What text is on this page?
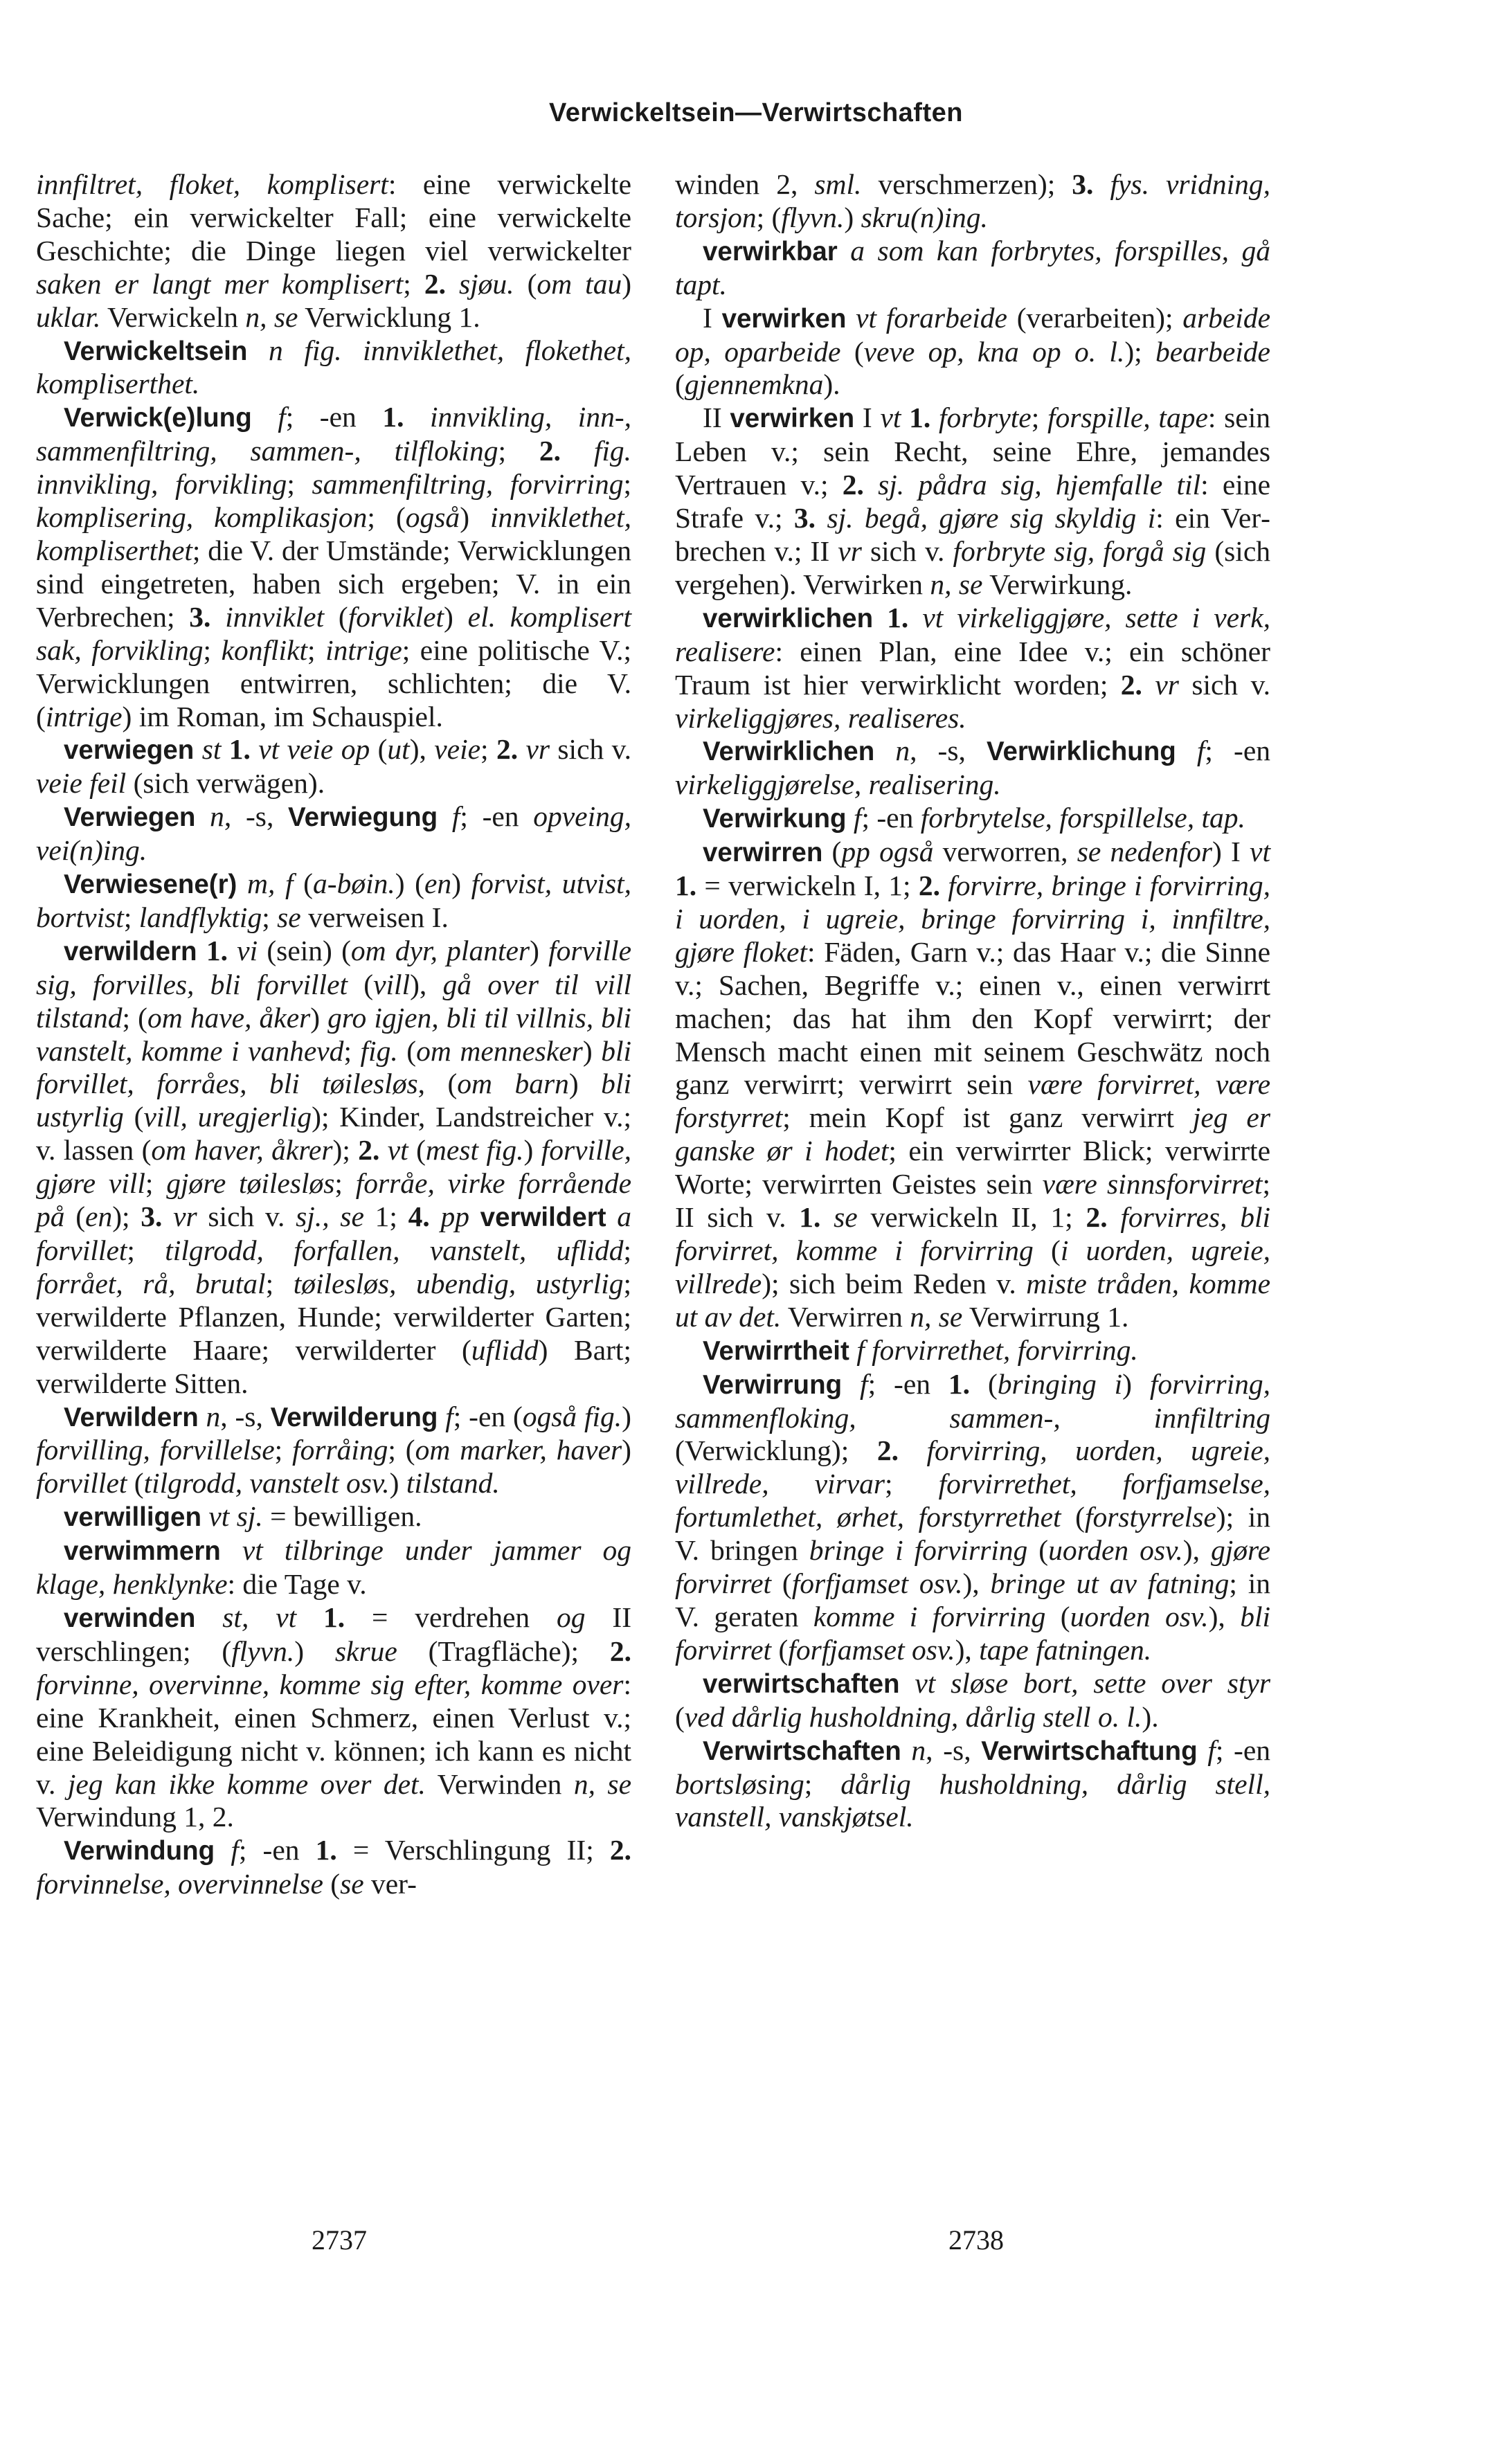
Verwickeltsein—Verwirtschaften

innfiltret, floket, komplisert: eine verwickelte Sache; ein verwickelter Fall; eine verwickelte Geschichte; die Dinge liegen viel verwickelter saken er langt mer komplisert; 2. sjøu. (om tau) uklar. Verwickeln n, se Verwicklung 1.

Verwickeltsein n fig. innviklethet, flokethet, kompliserthet.

Verwick(e)lung f; -en 1. innvikling, inn-, sammenfiltring, sammen-, tilfloking; 2. fig. innvikling, forvikling; sammenfiltring, forvirring; komplisering, komplikasjon; (også) innviklethet, kompliserthet; die V. der Umstände; Verwicklungen sind eingetreten, haben sich ergeben; V. in ein Verbrechen; 3. innviklet (forviklet) el. komplisert sak, forvikling; konflikt; intrige; eine politische V.; Verwicklungen entwirren, schlichten; die V. (intrige) im Roman, im Schauspiel.

verwiegen st 1. vt veie op (ut), veie; 2. vr sich v. veie feil (sich verwägen).

Verwiegen n, -s, Verwiegung f; -en opveing, vei(n)ing.

Verwiesene(r) m, f (a-bøin.) (en) forvist, utvist, bortvist; landflyktig; se verweisen I.

verwildern 1. vi (sein) (om dyr, planter) forville sig, forvilles, bli forvillet (vill), gå over til vill tilstand; (om have, åker) gro igjen, bli til villnis, bli vanstelt, komme i vanhevd; fig. (om mennesker) bli forvillet, forråes, bli tøilesløs, (om barn) bli ustyrlig (vill, uregjerlig); Kinder, Landstreicher v.; v. lassen (om haver, åkrer); 2. vt (mest fig.) forville, gjøre vill; gjøre tøilesløs; forråe, virke forrående på (en); 3. vr sich v. sj., se 1; 4. pp verwildert a forvillet; tilgrodd, forfallen, vanstelt, uflidd; forrået, rå, brutal; tøilesløs, ubendig, ustyrlig; verwilderte Pflanzen, Hunde; verwilderter Garten; verwilderte Haare; verwilderter (uflidd) Bart; verwilderte Sitten.

Verwildern n, -s, Verwilderung f; -en (også fig.) forvilling, forvillelse; forråing; (om marker, haver) forvillet (tilgrodd, vanstelt osv.) tilstand.

verwilligen vt sj. = bewilligen.

verwimmern vt tilbringe under jammer og klage, henklynke: die Tage v.

verwinden st, vt 1. = verdrehen og II verschlingen; (flyvn.) skrue (Tragfläche); 2. forvinne, overvinne, komme sig efter, komme over: eine Krankheit, einen Schmerz, einen Verlust v.; eine Beleidigung nicht v. können; ich kann es nicht v. jeg kan ikke komme over det. Verwinden n, se Verwindung 1, 2.

Verwindung f; -en 1. = Verschlingung II; 2. forvinnelse, overvinnelse (se ver-

winden 2, sml. verschmerzen); 3. fys. vridning, torsjon; (flyvn.) skru(n)ing.

verwirkbar a som kan forbrytes, forspilles, gå tapt.

I verwirken vt forarbeide (verarbeiten); arbeide op, oparbeide (veve op, kna op o. l.); bearbeide (gjennemkna).

II verwirken I vt 1. forbryte; forspille, tape: sein Leben v.; sein Recht, seine Ehre, jemandes Vertrauen v.; 2. sj. pådra sig, hjemfalle til: eine Strafe v.; 3. sj. begå, gjøre sig skyldig i: ein Verbrechen v.; II vr sich v. forbryte sig, forgå sig (sich vergehen). Verwirken n, se Verwirkung.

verwirklichen 1. vt virkeliggjøre, sette i verk, realisere: einen Plan, eine Idee v.; ein schöner Traum ist hier verwirklicht worden; 2. vr sich v. virkeliggjøres, realiseres.

Verwirklichen n, -s, Verwirklichung f; -en virkeliggjørelse, realisering.

Verwirkung f; -en forbrytelse, forspillelse, tap.

verwirren (pp også verworren, se nedenfor) I vt 1. = verwickeln I, 1; 2. forvirre, bringe i forvirring, i uorden, i ugreie, bringe forvirring i, innfiltre, gjøre floket: Fäden, Garn v.; das Haar v.; die Sinne v.; Sachen, Begriffe v.; einen v., einen verwirrt machen; das hat ihm den Kopf verwirrt; der Mensch macht einen mit seinem Geschwätz noch ganz verwirrt; verwirrt sein være forvirret, være forstyrret; mein Kopf ist ganz verwirrt jeg er ganske ør i hodet; ein verwirrter Blick; verwirrte Worte; verwirrten Geistes sein være sinnsforvirret; II sich v. 1. se verwickeln II, 1; 2. forvirres, bli forvirret, komme i forvirring (i uorden, ugreie, villrede); sich beim Reden v. miste tråden, komme ut av det. Verwirren n, se Verwirrung 1.

Verwirrtheit f forvirrethet, forvirring.

Verwirrung f; -en 1. (bringing i) forvirring, sammenfloking, sammen-, innfiltring (Verwicklung); 2. forvirring, uorden, ugreie, villrede, virvar; forvirrethet, forfjamselse, fortumlethet, ørhet, forstyrrethet (forstyrrelse); in V. bringen bringe i forvirring (uorden osv.), gjøre forvirret (forfjamset osv.), bringe ut av fatning; in V. geraten komme i forvirring (uorden osv.), bli forvirret (forfjamset osv.), tape fatningen.

verwirtschaften vt sløse bort, sette over styr (ved dårlig husholdning, dårlig stell o. l.).

Verwirtschaften n, -s, Verwirtschaftung f; -en bortsløsing; dårlig husholdning, dårlig stell, vanstell, vanskjøtsel.

2737	2738
